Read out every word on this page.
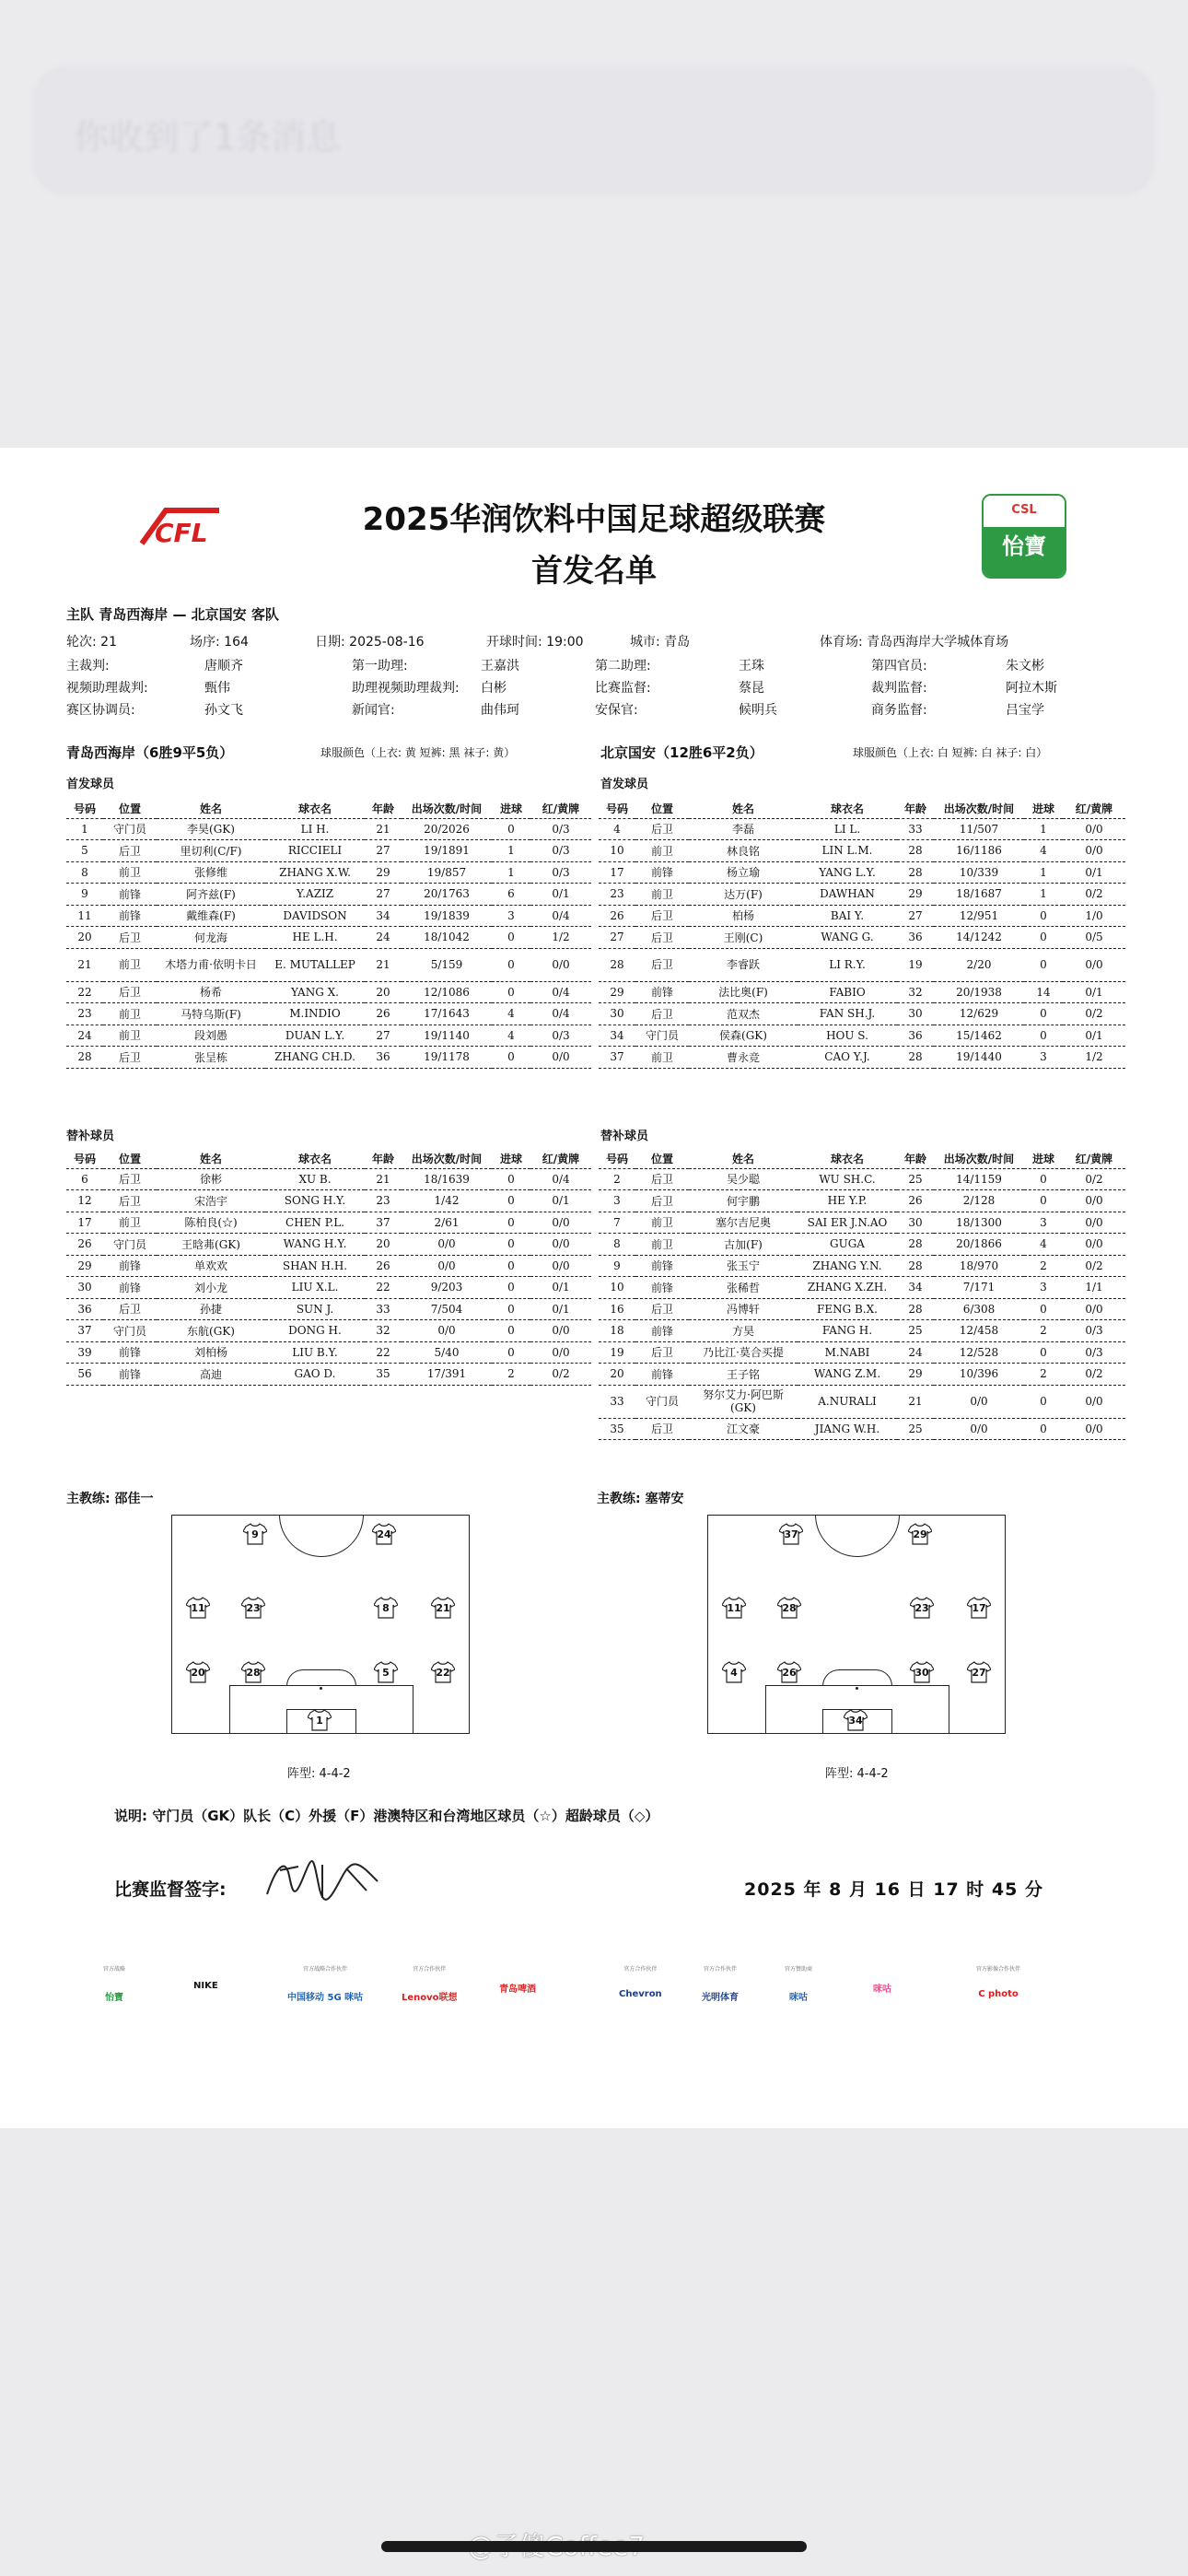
你收到了1条消息
CFL
CSL
怡寶
2025华润饮料中国足球超级联赛
首发名单
主队 青岛西海岸 — 北京国安 客队
轮次: 21	场序: 164	日期: 2025-08-16	开球时间: 19:00	城市: 青岛	体育场: 青岛西海岸大学城体育场
主裁判:	唐顺齐	第一助理:	王嘉洪	第二助理:	王珠	第四官员:	朱文彬
视频助理裁判:	甄伟	助理视频助理裁判: 白彬	比赛监督:	蔡昆	裁判监督:	阿拉木斯
赛区协调员:	孙文飞	新闻官:	曲伟珂	安保官:	候明兵	商务监督:	吕宝学
青岛西海岸（6胜9平5负）	球服颜色（上衣: 黄 短裤: 黑 袜子: 黄）	北京国安（12胜6平2负）	球服颜色（上衣: 白 短裤: 白 袜子: 白）
首发球员	首发球员
号码	位置	姓名	球衣名	年龄	出场次数/时间	进球	红/黄牌
1	守门员	李昊(GK)	LI H.	21	20/2026	0	0/3
5	后卫	里切利(C/F)	RICCIELI	27	19/1891	1	0/3
8	前卫	张修维	ZHANG X.W.	29	19/857	1	0/3
9	前锋	阿齐兹(F)	Y.AZIZ	27	20/1763	6	0/1
11	前锋	戴维森(F)	DAVIDSON	34	19/1839	3	0/4
20	后卫	何龙海	HE L.H.	24	18/1042	0	1/2
21	前卫	木塔力甫·依明卡日	E. MUTALLEP	21	5/159	0	0/0
22	后卫	杨希	YANG X.	20	12/1086	0	0/4
23	前卫	马特乌斯(F)	M.INDIO	26	17/1643	4	0/4
24	前卫	段刘愚	DUAN L.Y.	27	19/1140	4	0/3
28	后卫	张呈栋	ZHANG CH.D.	36	19/1178	0	0/0
号码	位置	姓名	球衣名	年龄	出场次数/时间	进球	红/黄牌
4	后卫	李磊	LI L.	33	11/507	1	0/0
10	前卫	林良铭	LIN L.M.	28	16/1186	4	0/0
17	前锋	杨立瑜	YANG L.Y.	28	10/339	1	0/1
23	前卫	达万(F)	DAWHAN	29	18/1687	1	0/2
26	后卫	柏杨	BAI Y.	27	12/951	0	1/0
27	后卫	王刚(C)	WANG G.	36	14/1242	0	0/5
28	后卫	李睿跃	LI R.Y.	19	2/20	0	0/0
29	前锋	法比奥(F)	FABIO	32	20/1938	14	0/1
30	后卫	范双杰	FAN SH.J.	30	12/629	0	0/2
34	守门员	侯森(GK)	HOU S.	36	15/1462	0	0/1
37	前卫	曹永竞	CAO Y.J.	28	19/1440	3	1/2
替补球员	替补球员
号码	位置	姓名	球衣名	年龄	出场次数/时间	进球	红/黄牌
6	后卫	徐彬	XU B.	21	18/1639	0	0/4
12	后卫	宋浩宇	SONG H.Y.	23	1/42	0	0/1
17	前卫	陈柏良(☆)	CHEN P.L.	37	2/61	0	0/0
26	守门员	王晗茀(GK)	WANG H.Y.	20	0/0	0	0/0
29	前锋	单欢欢	SHAN H.H.	26	0/0	0	0/0
30	前锋	刘小龙	LIU X.L.	22	9/203	0	0/1
36	后卫	孙捷	SUN J.	33	7/504	0	0/1
37	守门员	东航(GK)	DONG H.	32	0/0	0	0/0
39	前锋	刘柏杨	LIU B.Y.	22	5/40	0	0/0
56	前锋	高迪	GAO D.	35	17/391	2	0/2
号码	位置	姓名	球衣名	年龄	出场次数/时间	进球	红/黄牌
2	后卫	吴少聪	WU SH.C.	25	14/1159	0	0/2
3	后卫	何宇鹏	HE Y.P.	26	2/128	0	0/0
7	前卫	塞尔吉尼奥	SAI ER J.N.AO	30	18/1300	3	0/0
8	前卫	古加(F)	GUGA	28	20/1866	4	0/0
9	前锋	张玉宁	ZHANG Y.N.	28	18/970	2	0/2
10	前锋	张稀哲	ZHANG X.ZH.	34	7/171	3	1/1
16	后卫	冯博轩	FENG B.X.	28	6/308	0	0/0
18	前锋	方昊	FANG H.	25	12/458	2	0/3
19	后卫	乃比江·莫合买提	M.NABI	24	12/528	0	0/3
20	前锋	王子铭	WANG Z.M.	29	10/396	2	0/2
33	守门员	努尔艾力·阿巴斯(GK)	A.NURALI	21	0/0	0	0/0
35	后卫	江文豪	JIANG W.H.	25	0/0	0	0/0
主教练: 邵佳一	主教练: 塞蒂安
9	24
11	23	8	21
20	28	5	22
1
37	29
11	28	23	17
4	26	30	27
34
阵型: 4-4-2	阵型: 4-4-2
说明: 守门员（GK）队长（C）外援（F）港澳特区和台湾地区球员（☆）超龄球员（◇）
比赛监督签字:	2025 年 8 月 16 日 17 时 45 分
官方战略
怡寶
NIKE
官方战略合作伙伴
中国移动 5G 咪咕
官方合作伙伴
Lenovo联想
青岛啤酒
官方合作伙伴
Chevron
官方合作伙伴
光明体育
官方赞助商
咪咕
咪咕
官方影像合作伙伴
C photo
